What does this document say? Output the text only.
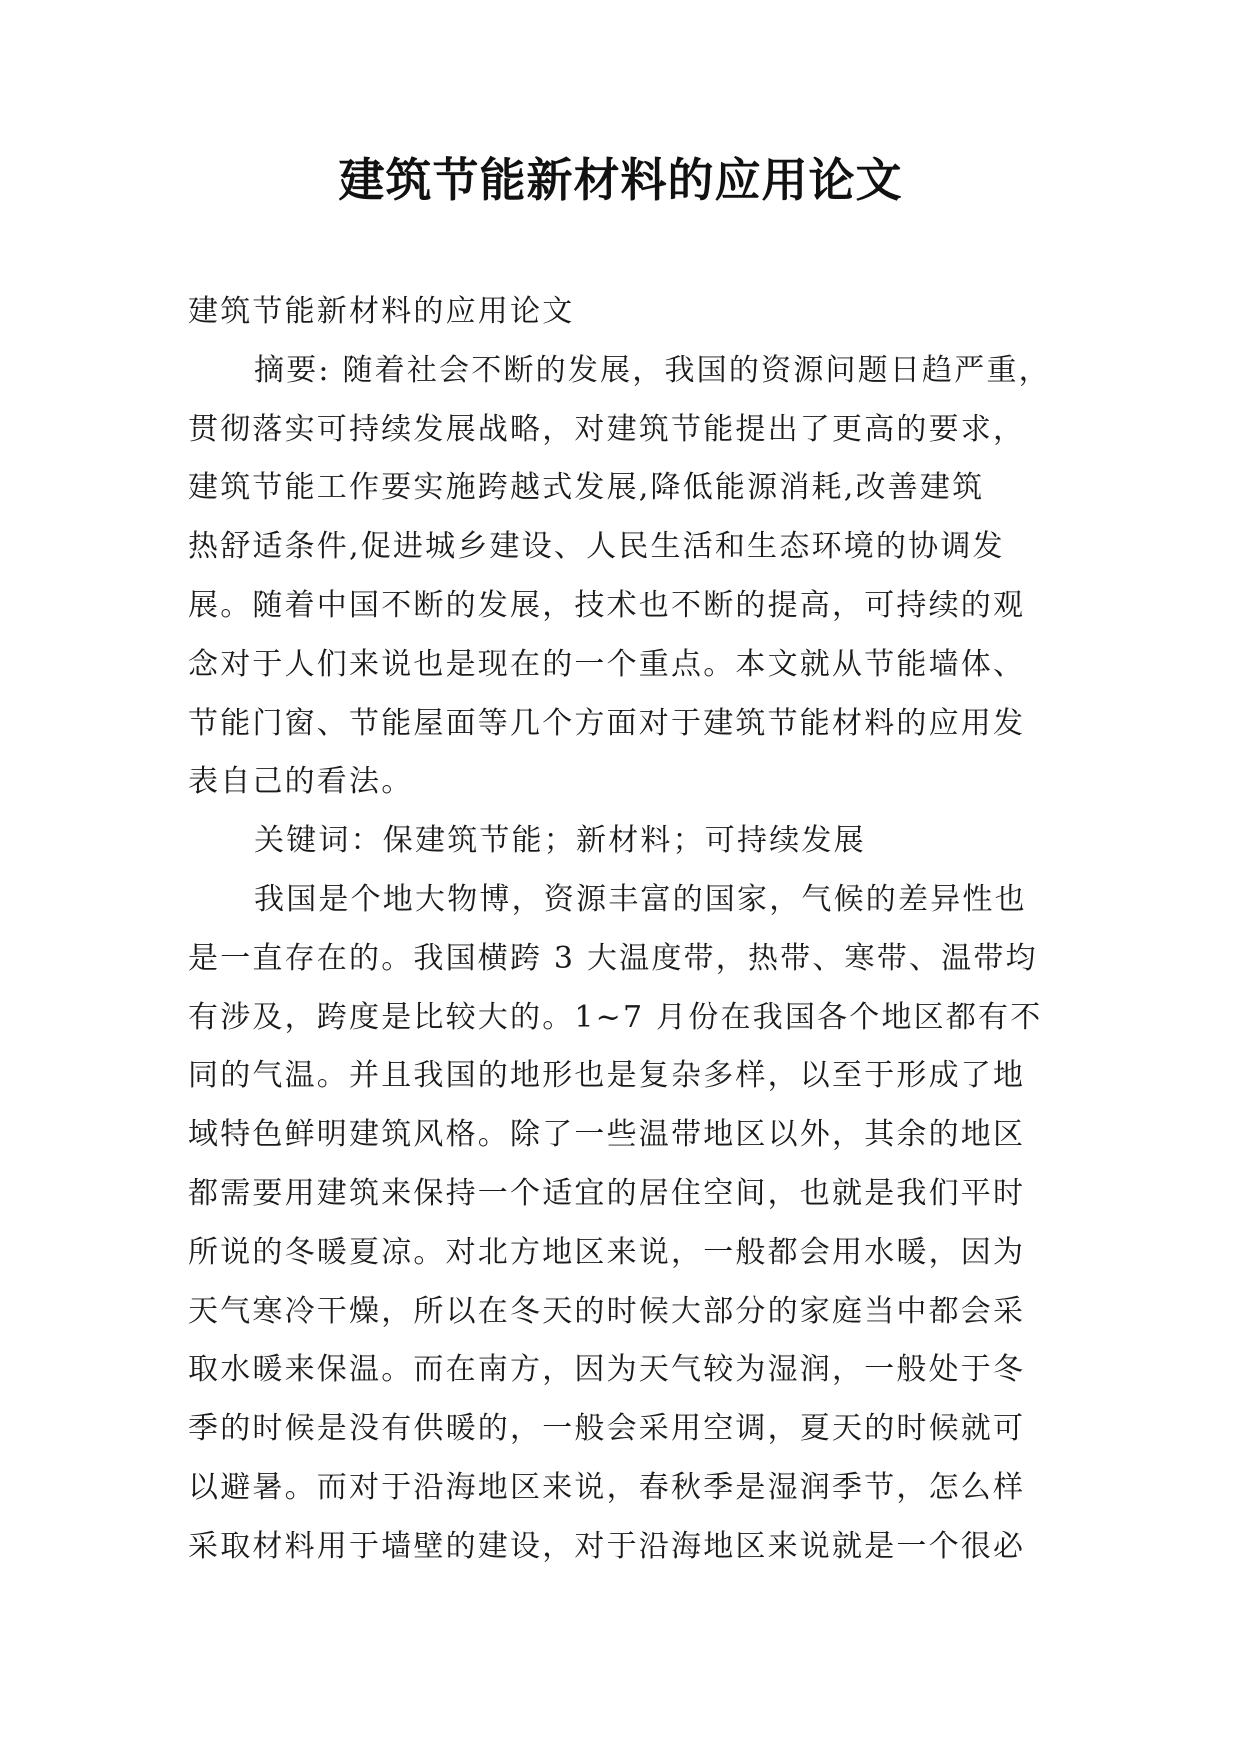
建筑节能新材料的应用论文
建筑节能新材料的应用论文
摘要: 随着社会不断的发展，我国的资源问题日趋严重，
贯彻落实可持续发展战略，对建筑节能提出了更高的要求，
建筑节能工作要实施跨越式发展,降低能源消耗,改善建筑
热舒适条件,促进城乡建设、人民生活和生态环境的协调发
展。随着中国不断的发展，技术也不断的提高，可持续的观
念对于人们来说也是现在的一个重点。本文就从节能墙体、
节能门窗、节能屋面等几个方面对于建筑节能材料的应用发
表自己的看法。
关键词：保建筑节能；新材料；可持续发展
我国是个地大物博，资源丰富的国家，气候的差异性也
是一直存在的。我国横跨 3 大温度带，热带、寒带、温带均
有涉及，跨度是比较大的。1~7 月份在我国各个地区都有不
同的气温。并且我国的地形也是复杂多样，以至于形成了地
域特色鲜明建筑风格。除了一些温带地区以外，其余的地区
都需要用建筑来保持一个适宜的居住空间，也就是我们平时
所说的冬暖夏凉。对北方地区来说，一般都会用水暖，因为
天气寒冷干燥，所以在冬天的时候大部分的家庭当中都会采
取水暖来保温。而在南方，因为天气较为湿润，一般处于冬
季的时候是没有供暖的，一般会采用空调，夏天的时候就可
以避暑。而对于沿海地区来说，春秋季是湿润季节，怎么样
采取材料用于墙壁的建设，对于沿海地区来说就是一个很必
